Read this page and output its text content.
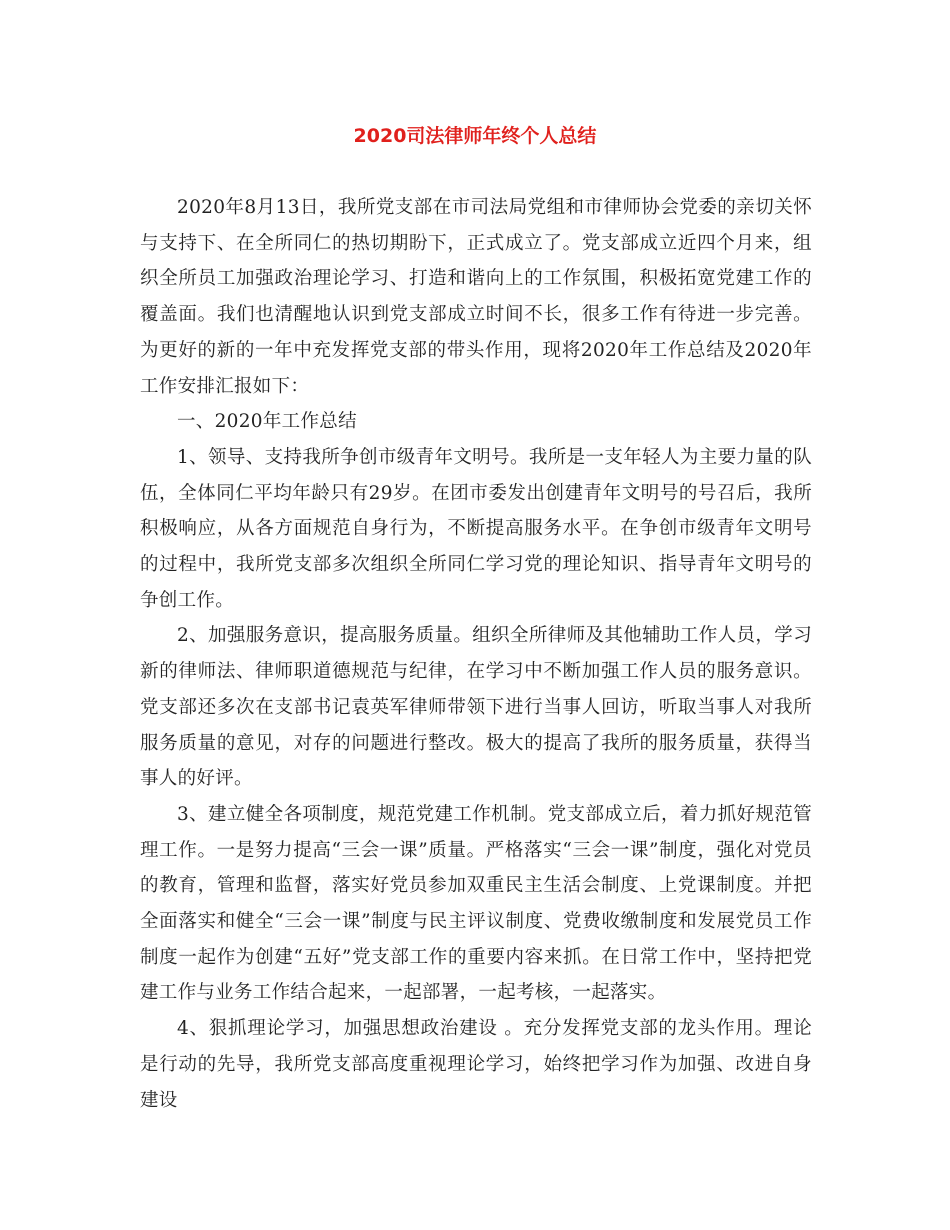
2020司法律师年终个人总结

2020年8月13日，我所党支部在市司法局党组和市律师协会党委的亲切关怀与支持下、在全所同仁的热切期盼下，正式成立了。党支部成立近四个月来，组织全所员工加强政治理论学习、打造和谐向上的工作氛围，积极拓宽党建工作的覆盖面。我们也清醒地认识到党支部成立时间不长，很多工作有待进一步完善。为更好的新的一年中充发挥党支部的带头作用，现将2020年工作总结及2020年工作安排汇报如下：

一、2020年工作总结

1、领导、支持我所争创市级青年文明号。我所是一支年轻人为主要力量的队伍，全体同仁平均年龄只有29岁。在团市委发出创建青年文明号的号召后，我所积极响应，从各方面规范自身行为，不断提高服务水平。在争创市级青年文明号的过程中，我所党支部多次组织全所同仁学习党的理论知识、指导青年文明号的争创工作。

2、加强服务意识，提高服务质量。组织全所律师及其他辅助工作人员，学习新的律师法、律师职道德规范与纪律，在学习中不断加强工作人员的服务意识。党支部还多次在支部书记袁英军律师带领下进行当事人回访，听取当事人对我所服务质量的意见，对存的问题进行整改。极大的提高了我所的服务质量，获得当事人的好评。

3、建立健全各项制度，规范党建工作机制。党支部成立后，着力抓好规范管理工作。一是努力提高“三会一课”质量。严格落实“三会一课”制度，强化对党员的教育，管理和监督，落实好党员参加双重民主生活会制度、上党课制度。并把全面落实和健全“三会一课”制度与民主评议制度、党费收缴制度和发展党员工作制度一起作为创建“五好”党支部工作的重要内容来抓。在日常工作中，坚持把党建工作与业务工作结合起来，一起部署，一起考核，一起落实。

4、狠抓理论学习，加强思想政治建设 。充分发挥党支部的龙头作用。理论是行动的先导，我所党支部高度重视理论学习，始终把学习作为加强、改进自身建设
